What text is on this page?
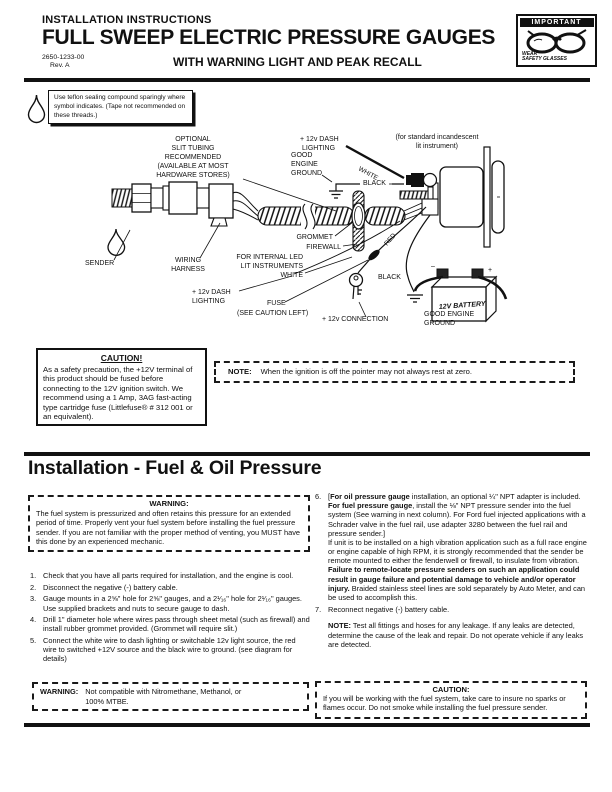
INSTALLATION INSTRUCTIONS
FULL SWEEP ELECTRIC PRESSURE GAUGES
2650-1233-00
Rev. A	WITH WARNING LIGHT AND PEAK RECALL
IMPORTANT
WEAR
SAFETY GLASSES
Use teflon sealing compound sparingly where symbol indicates. (Tape not recommended on these threads.)
OPTIONAL
SLIT TUBING
RECOMMENDED
(AVAILABLE AT MOST
HARDWARE STORES)
(for standard incandescent
lit instrument)
WIRING
HARNESS
+ 12v DASH
LIGHTING
GOOD
ENGINE
GROUND
BLACK
WHITE
RED
SENDER
+ 12v DASH
LIGHTING	FUSE
(SEE CAUTION LEFT)
+ 12v CONNECTION
BLACK
GOOD ENGINE
GROUND
–
+
12V BATTERY
GROMMET
FIREWALL
FOR INTERNAL LED
LIT INSTRUMENTS
WHITE
CAUTION!

As a safety precaution, the +12V terminal of this product should be fused before connecting to the 12V ignition switch. We recommend using a 1 Amp, 3AG fast-acting type cartridge fuse (Littlefuse® # 312 001 or an equivalent).

NOTE: When the ignition is off the pointer may not always rest at zero.
Installation - Fuel & Oil Pressure
WARNING:
The fuel system is pressurized and often retains this pressure for an extended period of time. Properly vent your fuel system before installing the fuel pressure sender. If you are not familiar with the proper method of venting, you MUST have this done by an experienced mechanic.
1. Check that you have all parts required for installation, and the engine is cool.
2. Disconnect the negative (-) battery cable.
3. Gauge mounts in a 2⅝" hole for 2⅝" gauges, and a 2¹⁄₁₆" hole for 2¹⁄₁₆" gauges. Use supplied brackets and nuts to secure gauge to dash.
4. Drill 1" diameter hole where wires pass through sheet metal (such as firewall) and install rubber grommet provided. (Grommet will require slit.)
5. Connect the white wire to dash lighting or switchable 12v light source, the red wire to switched +12V source and the black wire to ground. (see diagram for details)
WARNING: Not compatible with Nitromethane, Methanol, or 100% MTBE.
6. [For oil pressure gauge installation, an optional ¼" NPT adapter is included. For fuel pressure gauge, install the ⅛" NPT pressure sender into the fuel system (See warning in next column). For Ford fuel injected applications with a Schrader valve in the fuel rail, use adapter 3280 between the fuel rail and pressure sender.]
If unit is to be installed on a high vibration application such as a full race engine or engine capable of high RPM, it is strongly recommended that the sender be remote mounted to either the fenderwell or firewall, to insulate from vibration. Failure to remote-locate pressure senders on such an application could result in gauge failure and potential damage to vehicle and/or operator injury. Braided stainless steel lines are sold separately by Auto Meter, and can be used to accomplish this.
7. Reconnect negative (-) battery cable.
NOTE: Test all fittings and hoses for any leakage. If any leaks are detected, determine the cause of the leak and repair. Do not operate vehicle if any leaks are detected.
CAUTION:
If you will be working with the fuel system, take care to insure no sparks or flames occur. Do not smoke while installing the fuel pressure sender.
